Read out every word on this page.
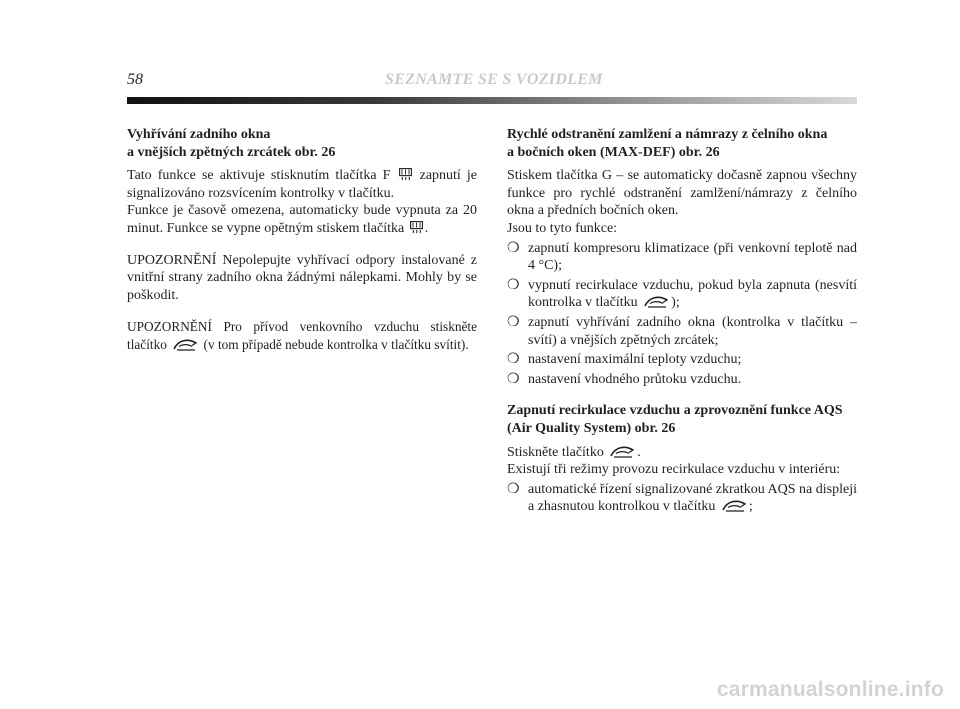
58	SEZNAMTE SE S VOZIDLEM
Vyhřívání zadního okna
a vnějších zpětných zrcátek obr. 26

Tato funkce se aktivuje stisknutím tlačítka F zapnutí je signalizováno rozsvícením kontrolky v tlačítku.

Funkce je časově omezena, automaticky bude vypnuta za 20 minut. Funkce se vypne opětným stiskem tlačítka .

UPOZORNĚNÍ Nepolepujte vyhřívací odpory instalované z vnitřní strany zadního okna žádnými nálepkami. Mohly by se poškodit.

UPOZORNĚNÍ Pro přívod venkovního vzduchu stiskněte tlačítko	(v tom případě nebude kontrolka v tlačítku svítit).

Rychlé odstranění zamlžení a námrazy z čelního okna
a bočních oken (MAX-DEF) obr. 26

Stiskem tlačítka G – se automaticky dočasně zapnou všechny funkce pro rychlé odstranění zamlžení/námrazy z čelního okna a předních bočních oken.

Jsou to tyto funkce:

❍ zapnutí kompresoru klimatizace (při venkovní teplotě nad 4 °C);
❍ vypnutí recirkulace vzduchu, pokud byla zapnuta (nesvítí kontrolka v tlačítku );
❍ zapnutí vyhřívání zadního okna (kontrolka v tlačítku – svítí) a vnějších zpětných zrcátek;
❍ nastavení maximální teploty vzduchu;
❍ nastavení vhodného průtoku vzduchu.
Zapnutí recirkulace vzduchu a zprovoznění funkce AQS
(Air Quality System) obr. 26

Stiskněte tlačítko .

Existují tři režimy provozu recirkulace vzduchu v interiéru:

❍ automatické řízení signalizované zkratkou AQS na displeji a zhasnutou kontrolkou v tlačítku ;
carmanualsonline.info
